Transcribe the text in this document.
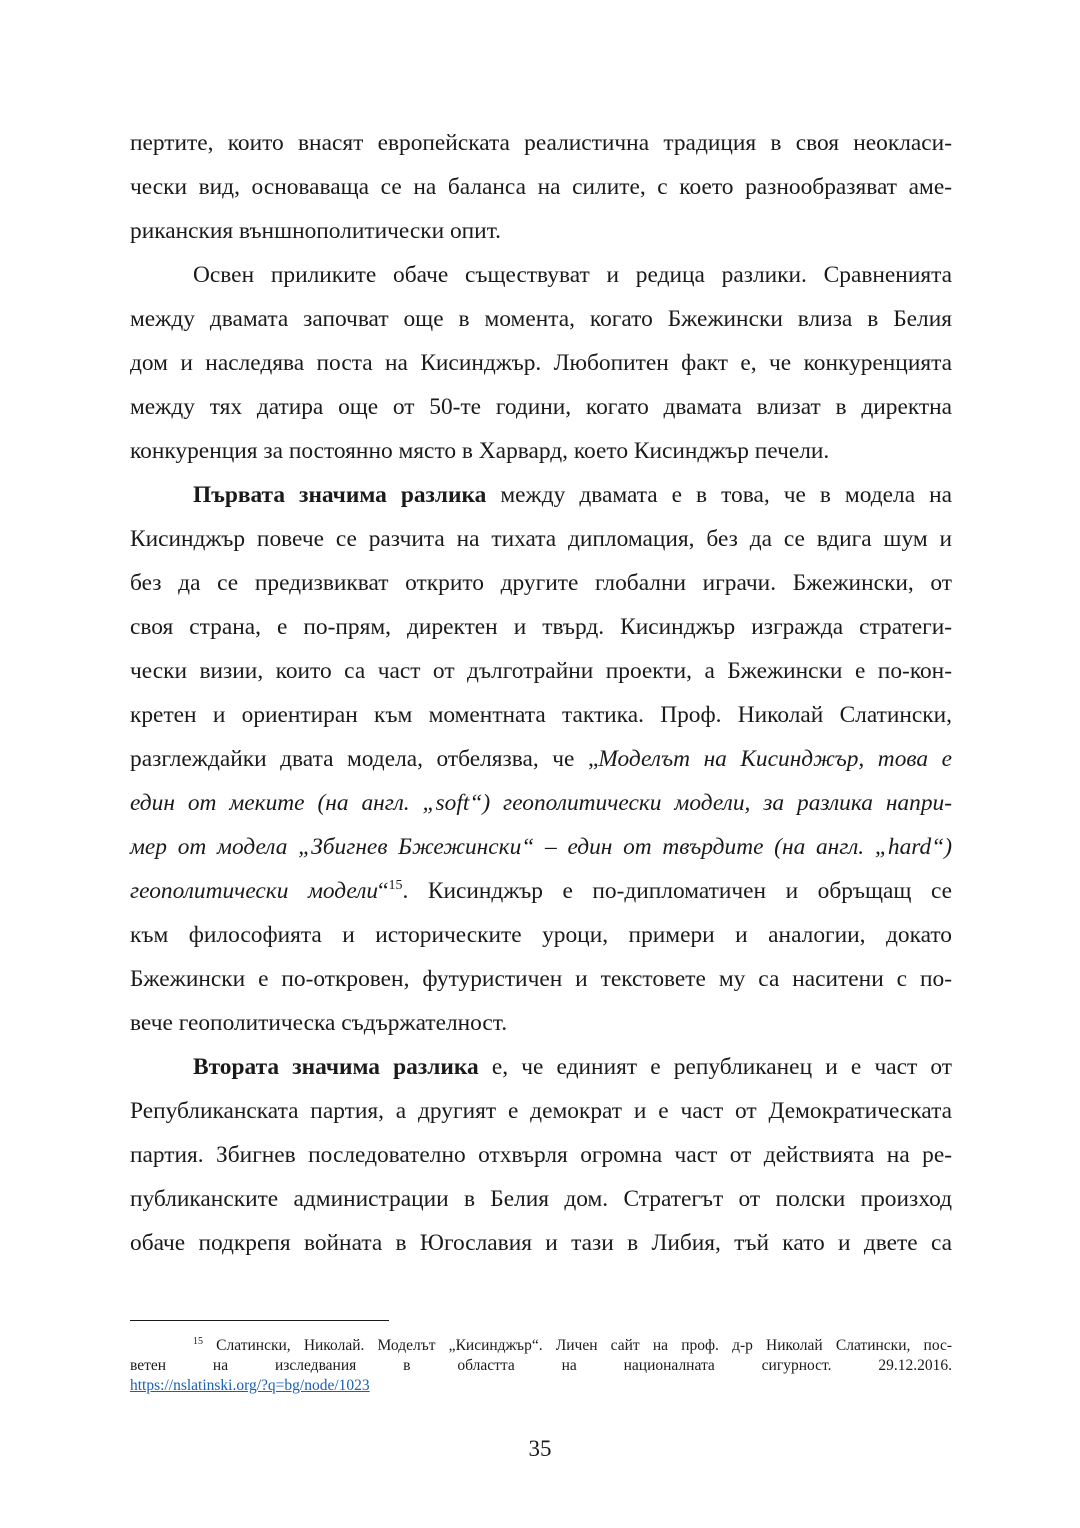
пертите, които внасят европейската реалистична традиция в своя неокласи-
чески вид, основаваща се на баланса на силите, с което разнообразяват аме-
риканския външнополитически опит.
Освен приликите обаче съществуват и редица разлики. Сравненията
между двамата започват още в момента, когато Бжежински влиза в Белия
дом и наследява поста на Кисинджър. Любопитен факт е, че конкуренцията
между тях датира още от 50-те години, когато двамата влизат в директна
конкуренция за постоянно място в Харвард, което Кисинджър печели.
Първата значима разлика между двамата е в това, че в модела на
Кисинджър повече се разчита на тихата дипломация, без да се вдига шум и
без да се предизвикват открито другите глобални играчи. Бжежински, от
своя страна, е по-прям, директен и твърд. Кисинджър изгражда стратеги-
чески визии, които са част от дълготрайни проекти, а Бжежински е по-кон-
кретен и ориентиран към моментната тактика. Проф. Николай Слатински,
разглеждайки двата модела, отбелязва, че „Моделът на Кисинджър, това е
един от меките (на англ. „soft“) геополитически модели, за разлика напри-
мер от модела „Збигнев Бжежински“ – един от твърдите (на англ. „hard“)
геополитически модели“$^{15}$. Кисинджър е по-дипломатичен и обръщащ се
към философията и историческите уроци, примери и аналогии, докато
Бжежински е по-откровен, футуристичен и текстовете му са наситени с по-
вече геополитическа съдържателност.
Втората значима разлика е, че единият е републиканец и е част от
Републиканската партия, а другият е демократ и е част от Демократическата
партия. Збигнев последователно отхвърля огромна част от действията на ре-
публиканските администрации в Белия дом. Стратегът от полски произход
обаче подкрепя войната в Югославия и тази в Либия, тъй като и двете са
$^{15}$ Слатински, Николай. Моделът „Кисинджър“. Личен сайт на проф. д-р Николай Слатински, пос-
ветен на изследвания в областта на националната сигурност. 29.12.2016.
https://nslatinski.org/?q=bg/node/1023
35
